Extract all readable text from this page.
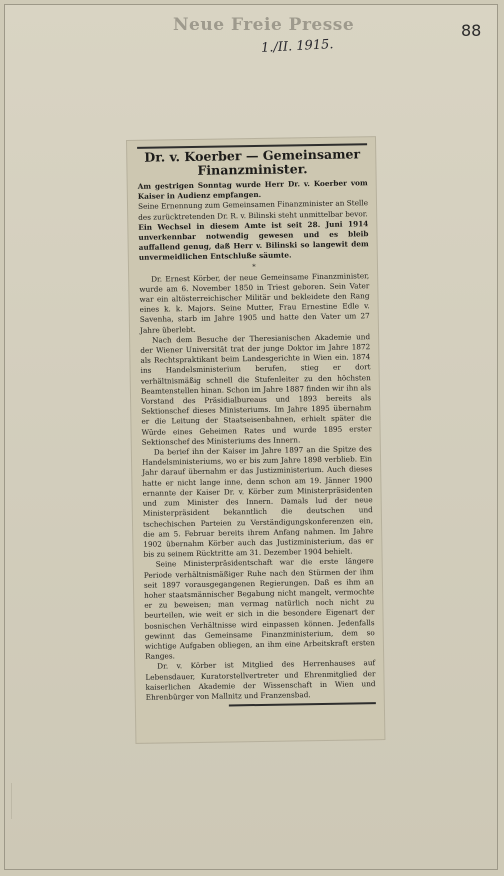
Neue Freie Presse
1./II. 1915.
88
Dr. v. Koerber — Gemeinsamer Finanzminister.

Am gestrigen Sonntag wurde Herr Dr. v. Koerber vom Kaiser in Audienz empfangen.

Seine Ernennung zum Gemeinsamen Finanzminister an Stelle des zurücktretenden Dr. R. v. Bilinski steht unmittelbar bevor.

Ein Wechsel in diesem Amte ist seit 28. Juni 1914 unverkennbar notwendig gewesen und es bleib auffallend genug, daß Herr v. Bilinski so langewit dem unvermeidlichen Entschluße säumte.

*

Dr. Ernest Körber, der neue Gemeinsame Finanzminister, wurde am 6. November 1850 in Triest geboren. Sein Vater war ein altösterreichischer Militär und bekleidete den Rang eines k. k. Majors. Seine Mutter, Frau Ernestine Edle v. Savenha, starb im Jahre 1905 und hatte den Vater um 27 Jahre überlebt.

Nach dem Besuche der Theresianischen Akademie und der Wiener Universität trat der junge Doktor im Jahre 1872 als Rechtspraktikant beim Landesgerichte in Wien ein. 1874 ins Handelsministerium berufen, stieg er dort verhältnismäßig schnell die Stufenleiter zu den höchsten Beamtenstellen hinan. Schon im Jahre 1887 finden wir ihn als Vorstand des Präsidialbureaus und 1893 bereits als Sektionschef dieses Ministeriums. Im Jahre 1895 übernahm er die Leitung der Staatseisenbahnen, erhielt später die Würde eines Geheimen Rates und wurde 1895 erster Sektionschef des Ministeriums des Innern.

Da berief ihn der Kaiser im Jahre 1897 an die Spitze des Handelsministeriums, wo er bis zum Jahre 1898 verblieb. Ein Jahr darauf übernahm er das Justizministerium. Auch dieses hatte er nicht lange inne, denn schon am 19. Jänner 1900 ernannte der Kaiser Dr. v. Körber zum Ministerpräsidenten und zum Minister des Innern. Damals lud der neue Ministerpräsident bekanntlich die deutschen und tschechischen Parteien zu Verständigungskonferenzen ein, die am 5. Februar bereits ihrem Anfang nahmen. Im Jahre 1902 übernahm Körber auch das Justizministerium, das er bis zu seinem Rücktritte am 31. Dezember 1904 behielt.

Seine Ministerpräsidentschaft war die erste längere Periode verhältnismäßiger Ruhe nach den Stürmen der ihm seit 1897 vorausgegangenen Regierungen. Daß es ihm an hoher staatsmännischer Begabung nicht mangelt, vermochte er zu beweisen; man vermag natürlich noch nicht zu beurteilen, wie weit er sich in die besondere Eigenart der bosnischen Verhältnisse wird einpassen können. Jedenfalls gewinnt das Gemeinsame Finanzministerium, dem so wichtige Aufgaben obliegen, an ihm eine Arbeitskraft ersten Ranges.

Dr. v. Körber ist Mitglied des Herrenhauses auf Lebensdauer, Kuratorstellvertreter und Ehrenmitglied der kaiserlichen Akademie der Wissenschaft in Wien und Ehrenbürger von Mallnitz und Franzensbad.
